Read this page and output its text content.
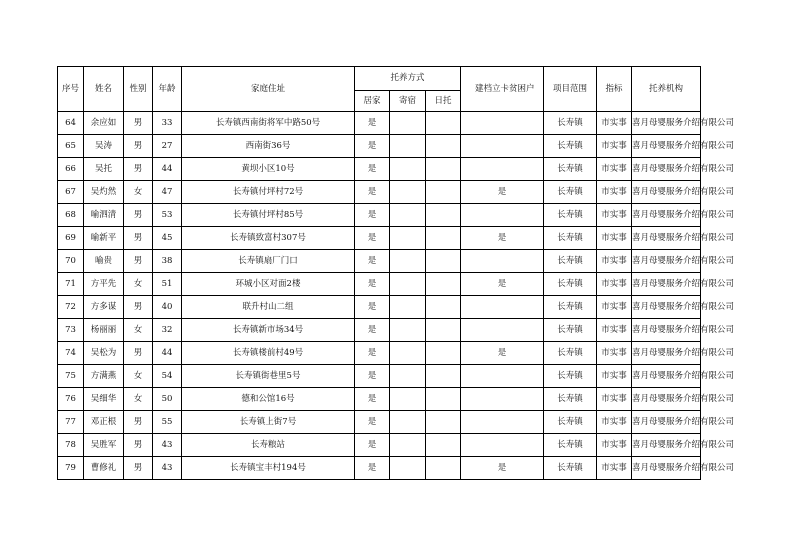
序号	姓名	性别	年龄	家庭住址	托养方式			建档立卡贫困户	项目范围	指标	托养机构
					居家	寄宿	日托				
64	余应如	男	33	长寿镇西南街将军中路50号	是				长寿镇	市实事	喜月母婴服务介绍有限公司
65	吴涛	男	27	西南街36号	是				长寿镇	市实事	喜月母婴服务介绍有限公司
66	吴托	男	44	黄坝小区10号	是				长寿镇	市实事	喜月母婴服务介绍有限公司
67	吴灼然	女	47	长寿镇付坪村72号	是			是	长寿镇	市实事	喜月母婴服务介绍有限公司
68	喻泗清	男	53	长寿镇付坪村85号	是				长寿镇	市实事	喜月母婴服务介绍有限公司
69	喻新平	男	45	长寿镇致富村307号	是			是	长寿镇	市实事	喜月母婴服务介绍有限公司
70	喻贵	男	38	长寿镇扇厂门口	是				长寿镇	市实事	喜月母婴服务介绍有限公司
71	方平先	女	51	环城小区对面2楼	是			是	长寿镇	市实事	喜月母婴服务介绍有限公司
72	方多谋	男	40	联升村山二组	是				长寿镇	市实事	喜月母婴服务介绍有限公司
73	杨丽丽	女	32	长寿镇新市场34号	是				长寿镇	市实事	喜月母婴服务介绍有限公司
74	吴松为	男	44	长寿镇楼前村49号	是			是	长寿镇	市实事	喜月母婴服务介绍有限公司
75	方满燕	女	54	长寿镇街巷里5号	是				长寿镇	市实事	喜月母婴服务介绍有限公司
76	吴细华	女	50	德和公馆16号	是				长寿镇	市实事	喜月母婴服务介绍有限公司
77	邓正根	男	55	长寿镇上街7号	是				长寿镇	市实事	喜月母婴服务介绍有限公司
78	吴胜军	男	43	长寿粮站	是				长寿镇	市实事	喜月母婴服务介绍有限公司
79	曹修礼	男	43	长寿镇宝丰村194号	是			是	长寿镇	市实事	喜月母婴服务介绍有限公司
